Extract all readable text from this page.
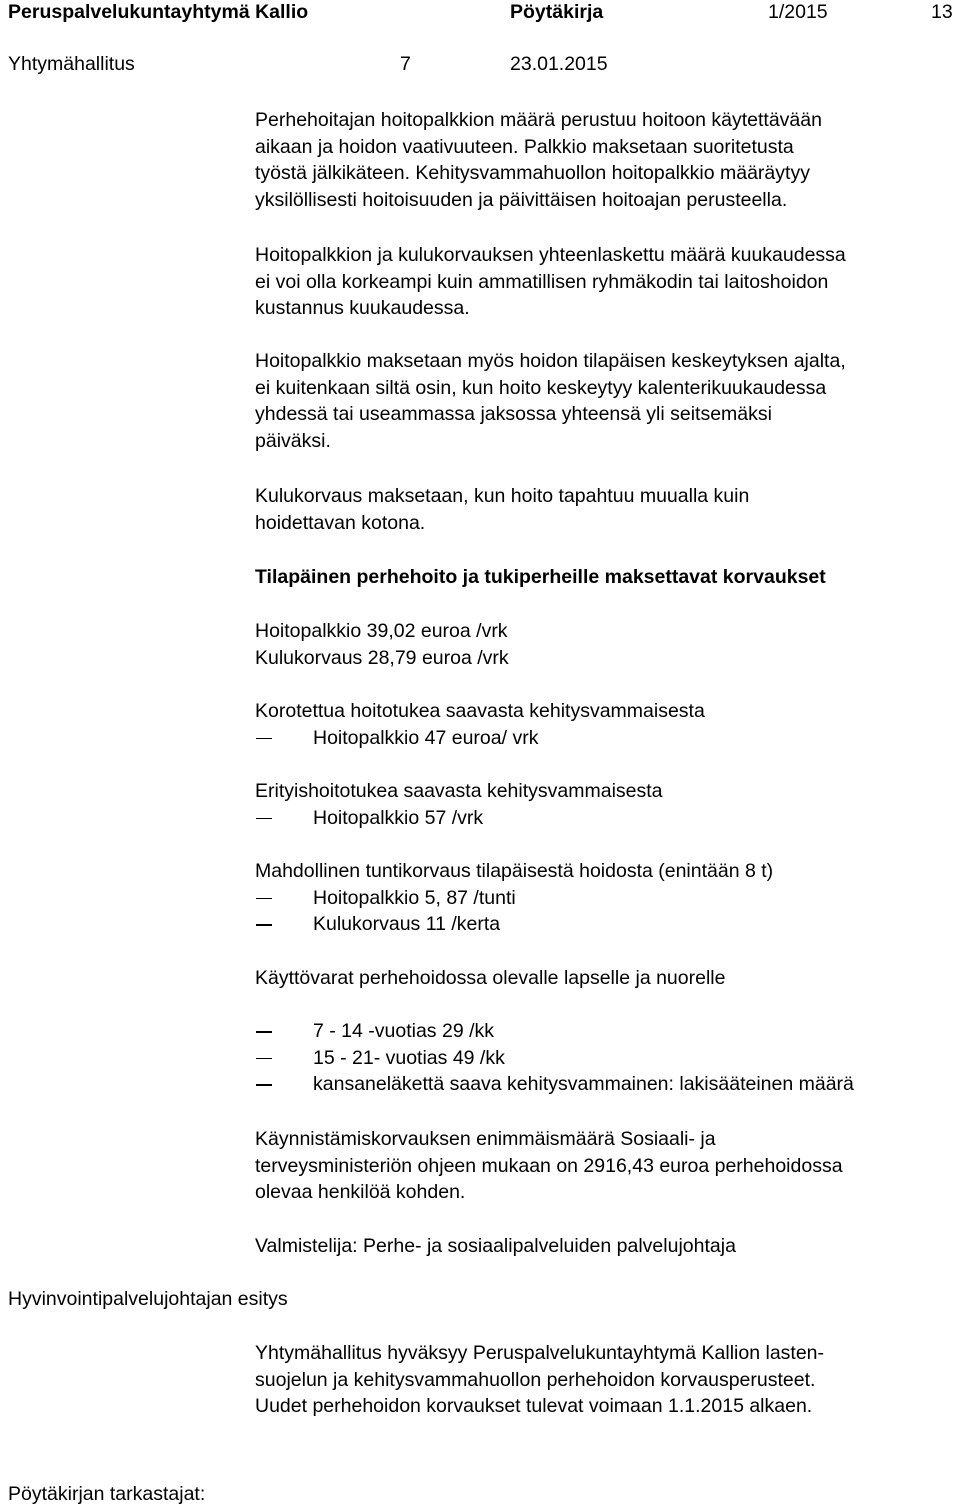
Peruspalvelukuntayhtymä Kallio	Pöytäkirja	1/2015	13
Yhtymähallitus	7	23.01.2015
Perhehoitajan hoitopalkkion määrä perustuu hoitoon käytettävään
aikaan ja hoidon vaativuuteen. Palkkio maksetaan suoritetusta
työstä jälkikäteen. Kehitysvammahuollon hoitopalkkio määräytyy
yksilöllisesti hoitoisuuden ja päivittäisen hoitoajan perusteella.
Hoitopalkkion ja kulukorvauksen yhteenlaskettu määrä kuukaudessa
ei voi olla korkeampi kuin ammatillisen ryhmäkodin tai laitoshoidon
kustannus kuukaudessa.
Hoitopalkkio maksetaan myös hoidon tilapäisen keskeytyksen ajalta,
ei kuitenkaan siltä osin, kun hoito keskeytyy kalenterikuukaudessa
yhdessä tai useammassa jaksossa yhteensä yli seitsemäksi
päiväksi.
Kulukorvaus maksetaan, kun hoito tapahtuu muualla kuin
hoidettavan kotona.
Tilapäinen perhehoito ja tukiperheille maksettavat korvaukset
Hoitopalkkio 39,02 euroa /vrk
Kulukorvaus 28,79 euroa /vrk
Korotettua hoitotukea saavasta kehitysvammaisesta
Hoitopalkkio 47 euroa/ vrk
Erityishoitotukea saavasta kehitysvammaisesta
Hoitopalkkio 57 /vrk
Mahdollinen tuntikorvaus tilapäisestä hoidosta (enintään 8 t)
Hoitopalkkio 5, 87 /tunti
Kulukorvaus 11 /kerta
Käyttövarat perhehoidossa olevalle lapselle ja nuorelle
7 - 14 -vuotias 29 /kk
15 - 21- vuotias 49 /kk
kansaneläkettä saava kehitysvammainen: lakisääteinen määrä
Käynnistämiskorvauksen enimmäismäärä Sosiaali- ja
terveysministeriön ohjeen mukaan on 2916,43 euroa perhehoidossa
olevaa henkilöä kohden.
Valmistelija: Perhe- ja sosiaalipalveluiden palvelujohtaja
Hyvinvointipalvelujohtajan esitys
Yhtymähallitus hyväksyy Peruspalvelukuntayhtymä Kallion lasten-
suojelun ja kehitysvammahuollon perhehoidon korvausperusteet.
Uudet perhehoidon korvaukset tulevat voimaan 1.1.2015 alkaen.
Pöytäkirjan tarkastajat:
